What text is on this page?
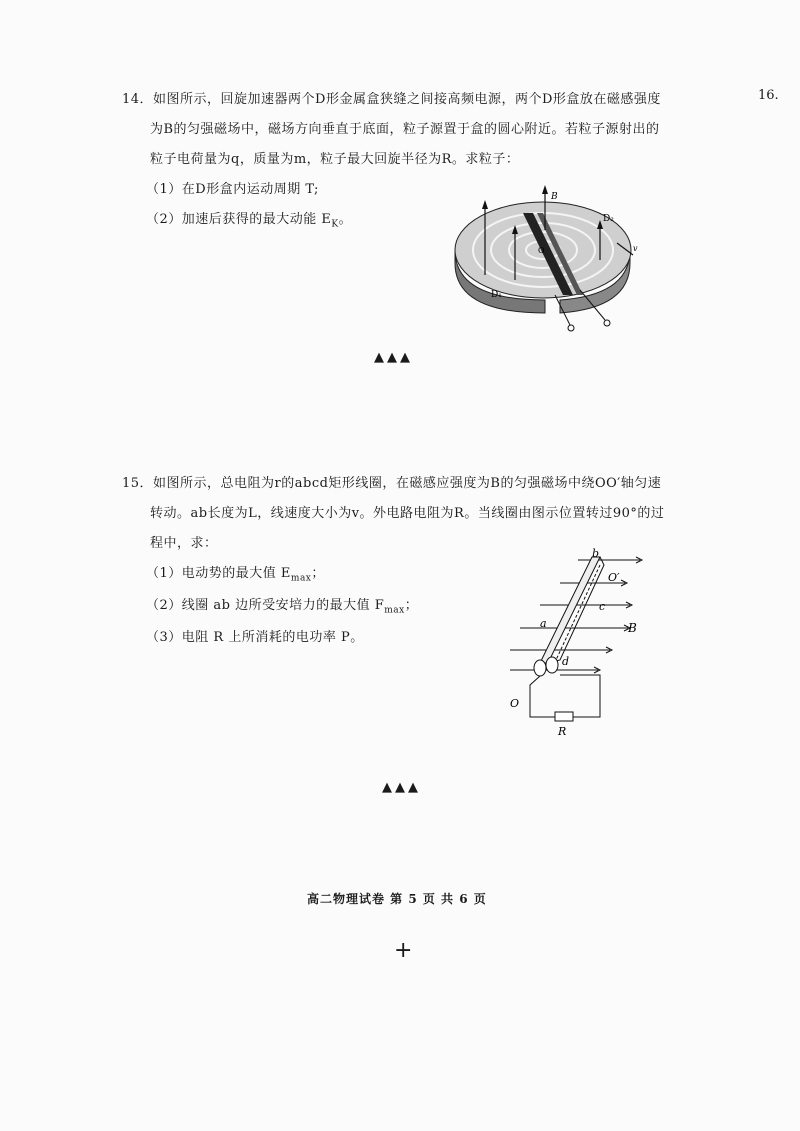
14．如图所示，回旋加速器两个D形金属盒狭缝之间接高频电源，两个D形盒放在磁感强度
为B的匀强磁场中，磁场方向垂直于底面，粒子源置于盒的圆心附近。若粒子源射出的
粒子电荷量为q，质量为m，粒子最大回旋半径为R。求粒子：
（1）在D形盒内运动周期 T;
（2）加速后获得的最大动能 $E_K$。
16.
B
D₂
D₁
O	v
▲▲▲
15．如图所示，总电阻为r的abcd矩形线圈，在磁感应强度为B的匀强磁场中绕OO′轴匀速
转动。ab长度为L，线速度大小为v。外电路电阻为R。当线圈由图示位置转过90°的过
程中，求：
（1）电动势的最大值 $E_{max}$；
（2）线圈 ab 边所受安培力的最大值 $F_{max}$；
（3）电阻 R 上所消耗的电功率 P。
b
a
c
d
O′
O
B
R
▲▲▲
高二物理试卷 第 5 页 共 6 页
+
